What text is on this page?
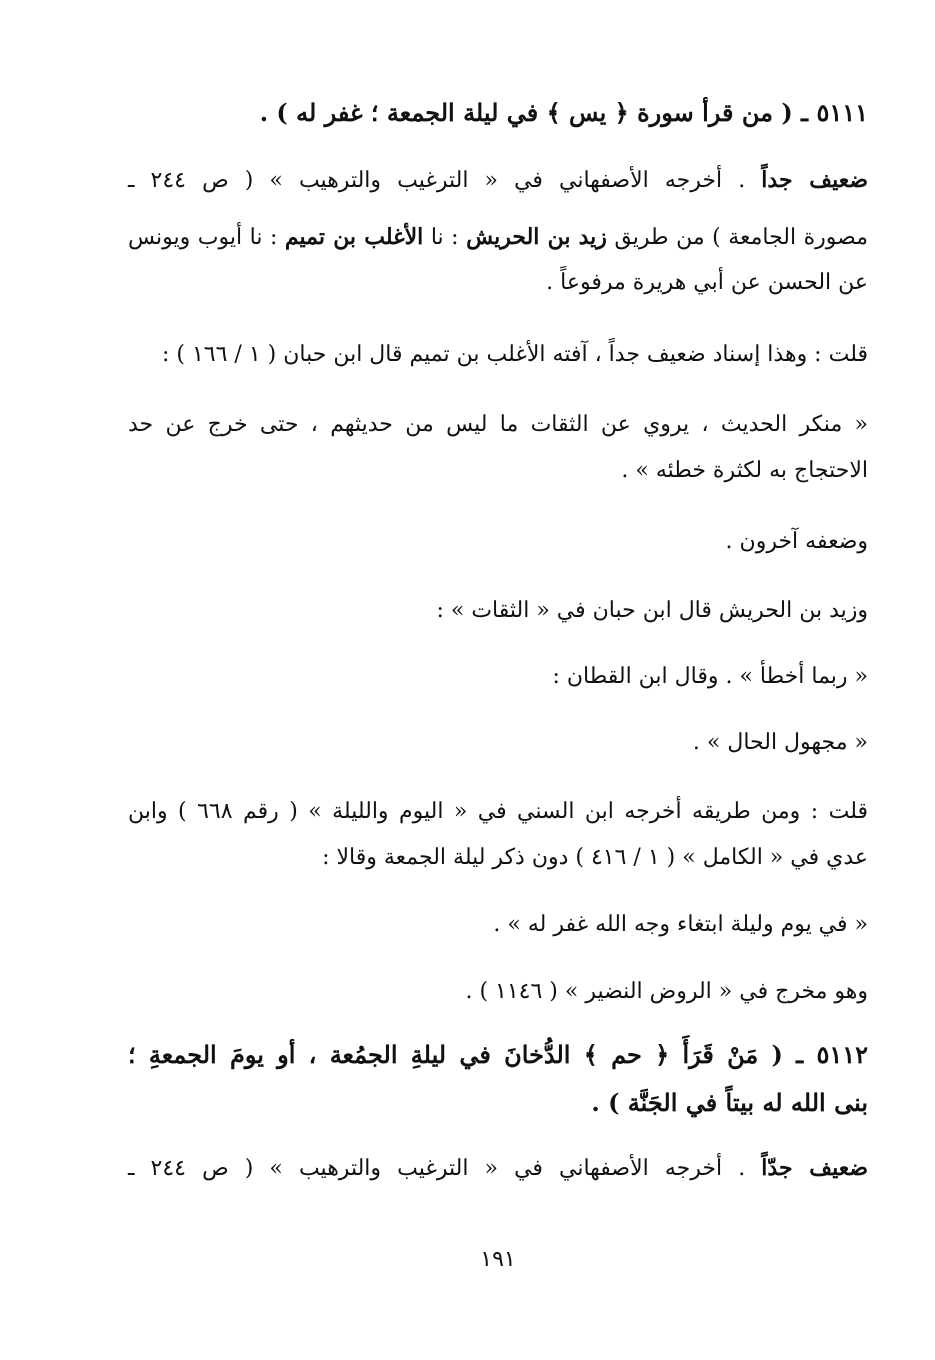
٥١١١ ـ ( من قرأ سورة ﴿ يس ﴾ في ليلة الجمعة ؛ غفر له ) .
ضعيف جداً . أخرجه الأصفهاني في « الترغيب والترهيب » ( ص ٢٤٤ ـ
مصورة الجامعة ) من طريق زيد بن الحريش : نا الأغلب بن تميم : نا أيوب ويونس
عن الحسن عن أبي هريرة مرفوعاً .
قلت : وهذا إسناد ضعيف جداً ، آفته الأغلب بن تميم قال ابن حبان ( ١ / ١٦٦ ) :
« منكر الحديث ، يروي عن الثقات ما ليس من حديثهم ، حتى خرج عن حد
الاحتجاج به لكثرة خطئه » .
وضعفه آخرون .
وزيد بن الحريش قال ابن حبان في « الثقات » :
« ربما أخطأ » . وقال ابن القطان :
« مجهول الحال » .
قلت : ومن طريقه أخرجه ابن السني في « اليوم والليلة » ( رقم ٦٦٨ ) وابن
عدي في « الكامل » ( ١ / ٤١٦ ) دون ذكر ليلة الجمعة وقالا :
« في يوم وليلة ابتغاء وجه الله غفر له » .
وهو مخرج في « الروض النضير » ( ١١٤٦ ) .
٥١١٢ ـ ( مَنْ قَرَأَ ﴿ حم ﴾ الدُّخانَ في ليلةِ الجمُعة ، أو يومَ الجمعةِ ؛
بنى الله له بيتاً في الجَنَّة ) .
ضعيف جدّاً . أخرجه الأصفهاني في « الترغيب والترهيب » ( ص ٢٤٤ ـ
١٩١
